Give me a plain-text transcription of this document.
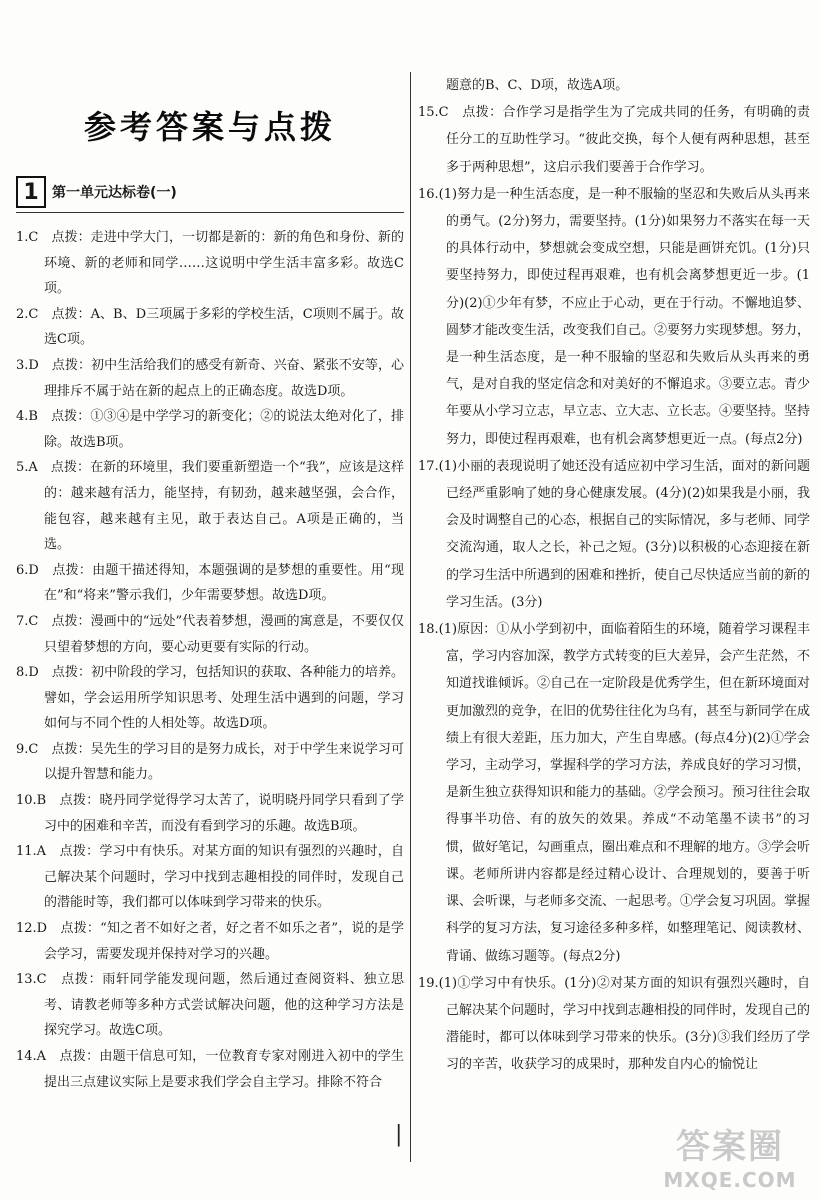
参考答案与点拨
1 第一单元达标卷(一)

1.C　点拨：走进中学大门，一切都是新的：新的角色和身份、新的环境、新的老师和同学……这说明中学生活丰富多彩。故选C项。

2.C　点拨：A、B、D三项属于多彩的学校生活，C项则不属于。故选C项。

3.D　点拨：初中生活给我们的感受有新奇、兴奋、紧张不安等，心理排斥不属于站在新的起点上的正确态度。故选D项。

4.B　点拨：①③④是中学学习的新变化；②的说法太绝对化了，排除。故选B项。

5.A　点拨：在新的环境里，我们要重新塑造一个“我”，应该是这样的：越来越有活力，能坚持，有韧劲，越来越坚强，会合作，能包容，越来越有主见，敢于表达自己。A项是正确的，当选。

6.D　点拨：由题干描述得知，本题强调的是梦想的重要性。用“现在”和“将来”警示我们，少年需要梦想。故选D项。

7.C　点拨：漫画中的“远处”代表着梦想，漫画的寓意是，不要仅仅只望着梦想的方向，要心动更要有实际的行动。

8.D　点拨：初中阶段的学习，包括知识的获取、各种能力的培养。譬如，学会运用所学知识思考、处理生活中遇到的问题，学习如何与不同个性的人相处等。故选D项。

9.C　点拨：吴先生的学习目的是努力成长，对于中学生来说学习可以提升智慧和能力。

10.B　点拨：晓丹同学觉得学习太苦了，说明晓丹同学只看到了学习中的困难和辛苦，而没有看到学习的乐趣。故选B项。

11.A　点拨：学习中有快乐。对某方面的知识有强烈的兴趣时，自己解决某个问题时，学习中找到志趣相投的同伴时，发现自己的潜能时等，我们都可以体味到学习带来的快乐。

12.D　点拨：“知之者不如好之者，好之者不如乐之者”，说的是学会学习，需要发现并保持对学习的兴趣。

13.C　点拨：雨轩同学能发现问题，然后通过查阅资料、独立思考、请教老师等多种方式尝试解决问题，他的这种学习方法是探究学习。故选C项。

14.A　点拨：由题干信息可知，一位教育专家对刚进入初中的学生提出三点建议实际上是要求我们学会自主学习。排除不符合

题意的B、C、D项，故选A项。

15.C　点拨：合作学习是指学生为了完成共同的任务，有明确的责任分工的互助性学习。“彼此交换，每个人便有两种思想，甚至多于两种思想”，这启示我们要善于合作学习。

16.(1)努力是一种生活态度，是一种不服输的坚忍和失败后从头再来的勇气。(2分)努力，需要坚持。(1分)如果努力不落实在每一天的具体行动中，梦想就会变成空想，只能是画饼充饥。(1分)只要坚持努力，即使过程再艰难，也有机会离梦想更近一步。(1分)(2)①少年有梦，不应止于心动，更在于行动。不懈地追梦、圆梦才能改变生活，改变我们自己。②要努力实现梦想。努力，是一种生活态度，是一种不服输的坚忍和失败后从头再来的勇气，是对自我的坚定信念和对美好的不懈追求。③要立志。青少年要从小学习立志，早立志、立大志、立长志。④要坚持。坚持努力，即使过程再艰难，也有机会离梦想更近一点。(每点2分)

17.(1)小丽的表现说明了她还没有适应初中学习生活，面对的新问题已经严重影响了她的身心健康发展。(4分)(2)如果我是小丽，我会及时调整自己的心态，根据自己的实际情况，多与老师、同学交流沟通，取人之长，补己之短。(3分)以积极的心态迎接在新的学习生活中所遇到的困难和挫折，使自己尽快适应当前的新的学习生活。(3分)

18.(1)原因：①从小学到初中，面临着陌生的环境，随着学习课程丰富，学习内容加深，教学方式转变的巨大差异，会产生茫然，不知道找谁倾诉。②自己在一定阶段是优秀学生，但在新环境面对更加激烈的竞争，在旧的优势往往化为乌有，甚至与新同学在成绩上有很大差距，压力加大，产生自卑感。(每点4分)(2)①学会学习，主动学习，掌握科学的学习方法，养成良好的学习习惯，是新生独立获得知识和能力的基础。②学会预习。预习往往会取得事半功倍、有的放矢的效果。养成“不动笔墨不读书”的习惯，做好笔记，勾画重点，圈出难点和不理解的地方。③学会听课。老师所讲内容都是经过精心设计、合理规划的，要善于听课、会听课，与老师多交流、一起思考。①学会复习巩固。掌握科学的复习方法，复习途径多种多样，如整理笔记、阅读教材、背诵、做练习题等。(每点2分)

19.(1)①学习中有快乐。(1分)②对某方面的知识有强烈兴趣时，自己解决某个问题时，学习中找到志趣相投的同伴时，发现自己的潜能时，都可以体味到学习带来的快乐。(3分)③我们经历了学习的辛苦，收获学习的成果时，那种发自内心的愉悦让

|	答案圈
MXQE.COM
